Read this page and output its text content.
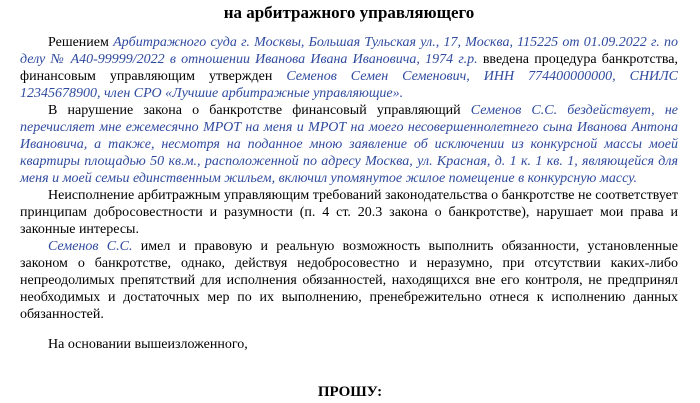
на арбитражного управляющего

Решением Арбитражного суда г. Москвы, Большая Тульская ул., 17, Москва, 115225 от 01.09.2022 г. по делу № А40-99999/2022 в отношении Иванова Ивана Ивановича, 1974 г.р. введена процедура банкротства, финансовым управляющим утвержден Семенов Семен Семенович, ИНН 774400000000, СНИЛС 12345678900, член СРО «Лучшие арбитражные управляющие».

В нарушение закона о банкротстве финансовый управляющий Семенов С.С. бездействует, не перечисляет мне ежемесячно МРОТ на меня и МРОТ на моего несовершеннолетнего сына Иванова Антона Ивановича, а также, несмотря на поданное мною заявление об исключении из конкурсной массы моей квартиры площадью 50 кв.м., расположенной по адресу Москва, ул. Красная, д. 1 к. 1 кв. 1, являющейся для меня и моей семьи единственным жильем, включил упомянутое жилое помещение в конкурсную массу.

Неисполнение арбитражным управляющим требований законодательства о банкротстве не соответствует принципам добросовестности и разумности (п. 4 ст. 20.3 закона о банкротстве), нарушает мои права и законные интересы.

Семенов С.С. имел и правовую и реальную возможность выполнить обязанности, установленные законом о банкротстве, однако, действуя недобросовестно и неразумно, при отсутствии каких-либо непреодолимых препятствий для исполнения обязанностей, находящихся вне его контроля, не предпринял необходимых и достаточных мер по их выполнению, пренебрежительно отнеся к исполнению данных обязанностей.

На основании вышеизложенного,

ПРОШУ:
